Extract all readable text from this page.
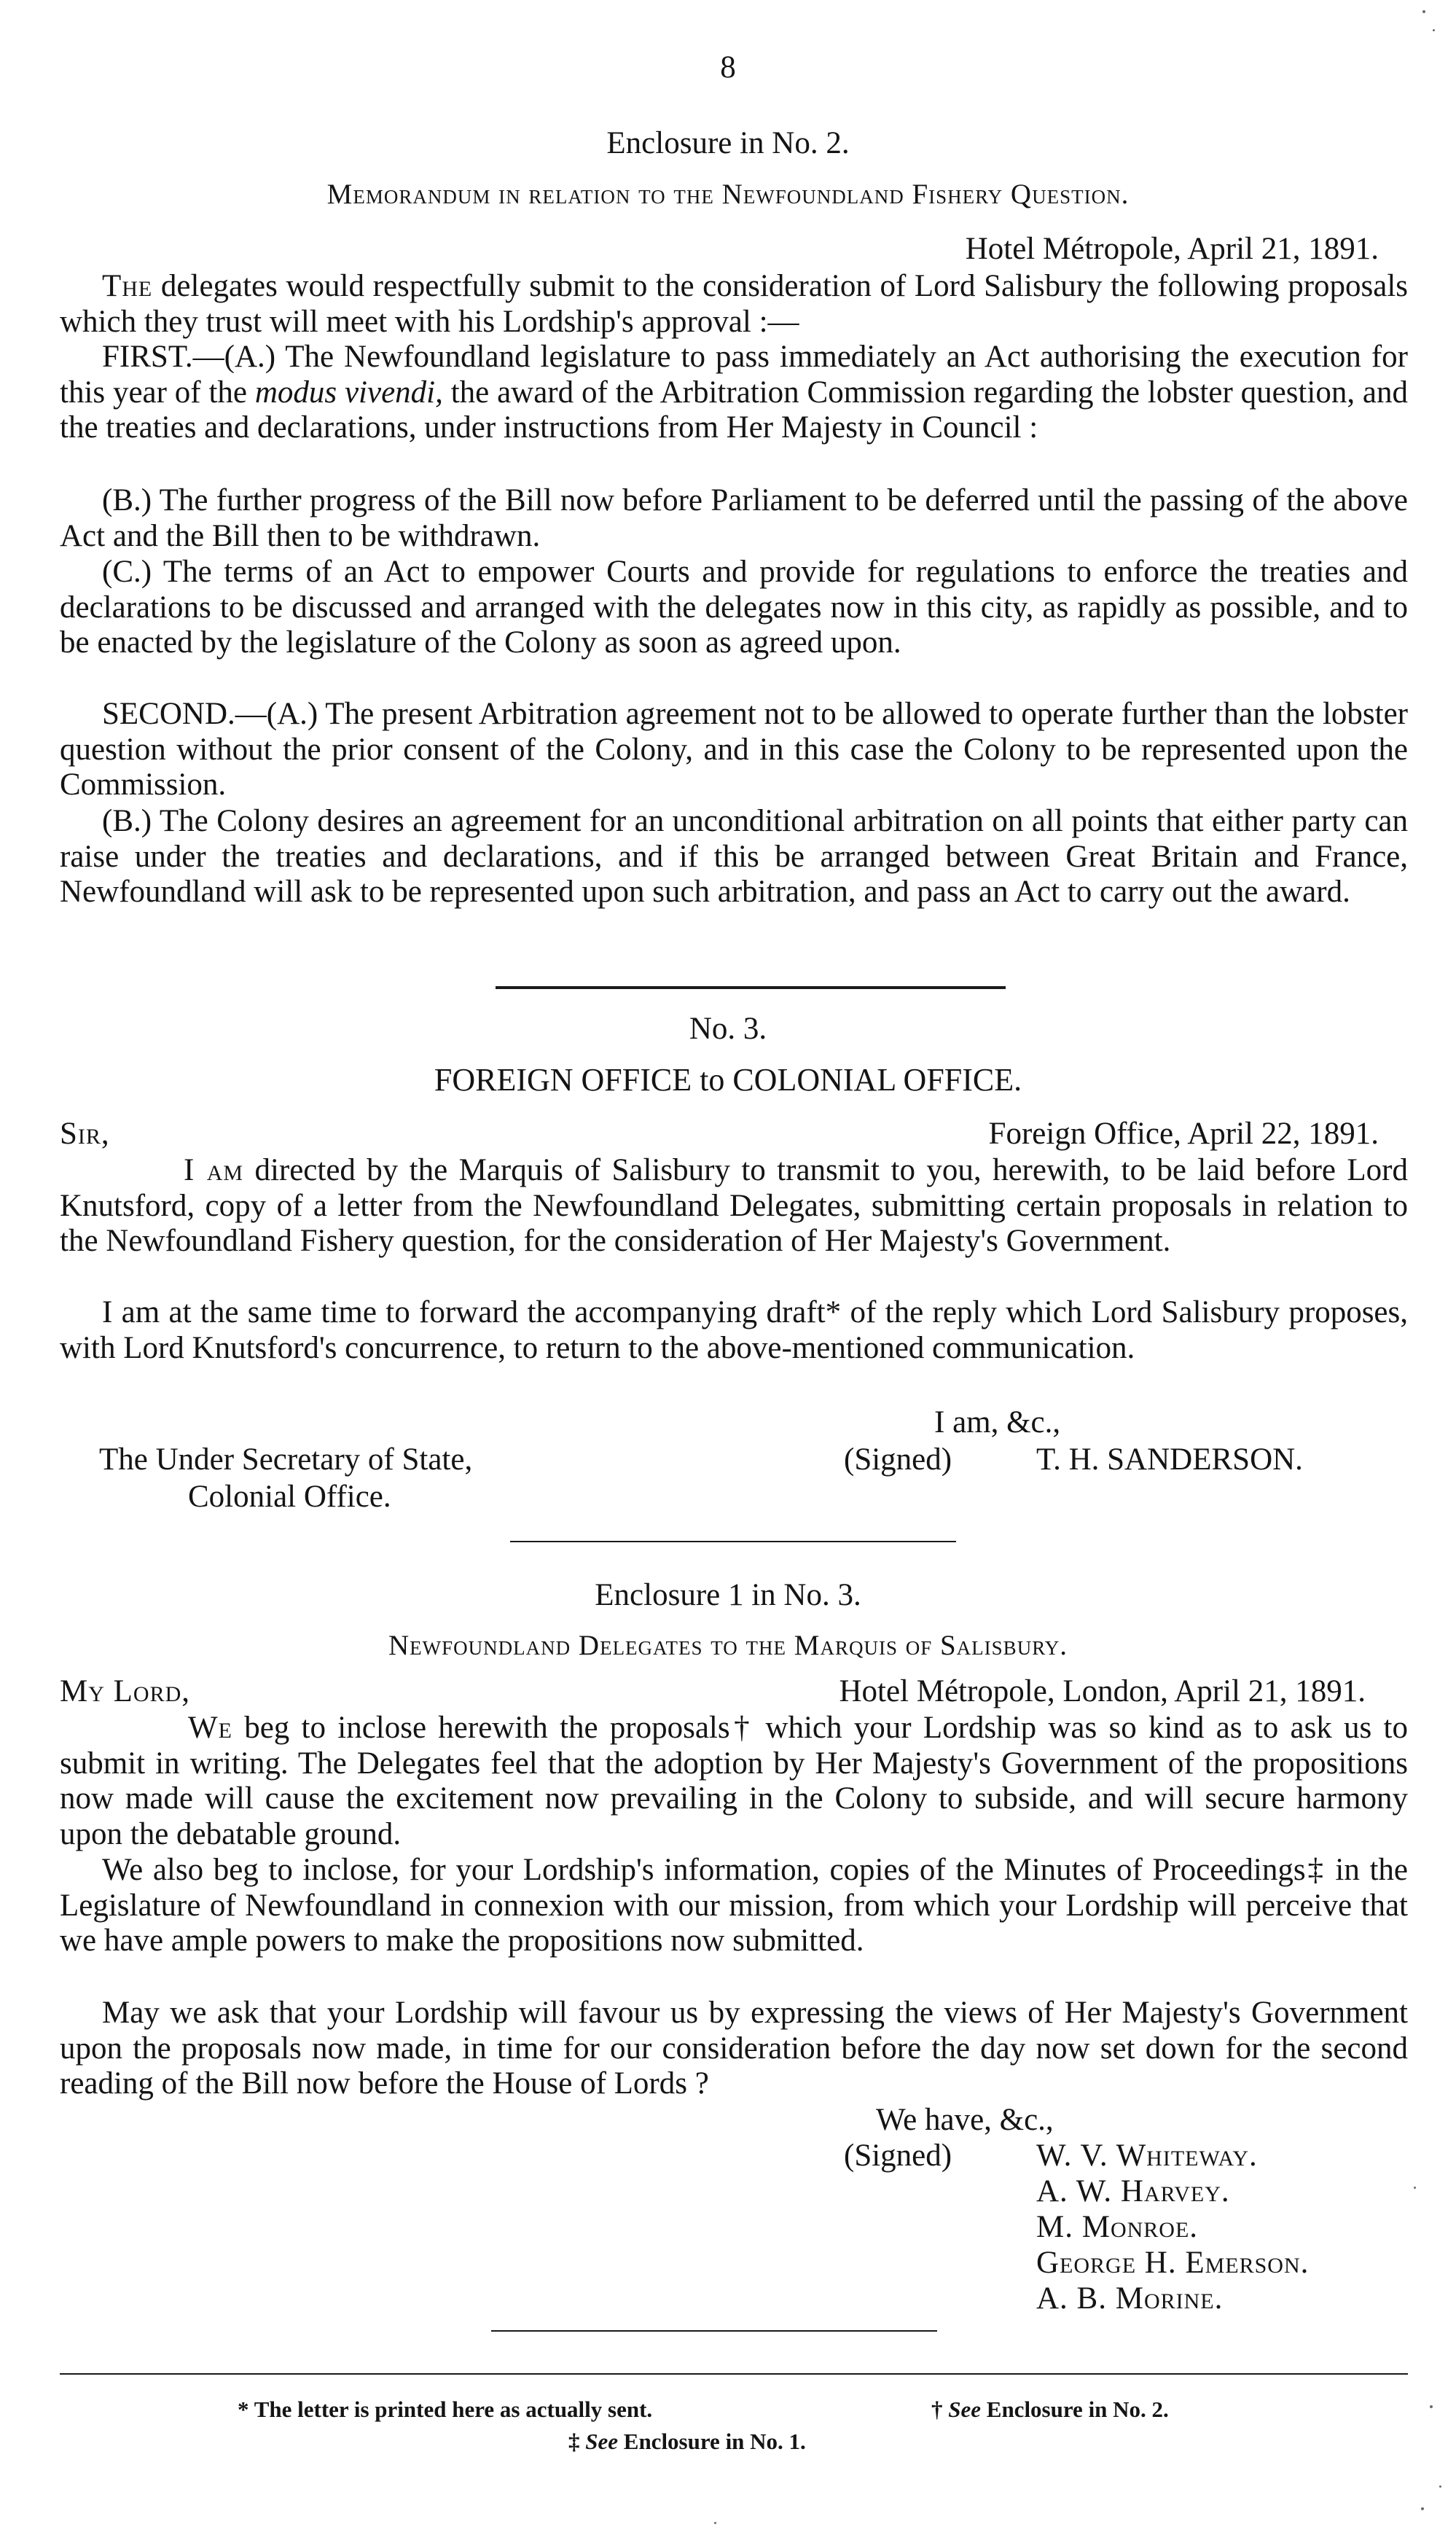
8
Enclosure in No. 2.
Memorandum in relation to the Newfoundland Fishery Question.
Hotel Métropole, April 21, 1891.
The delegates would respectfully submit to the consideration of Lord Salisbury the following proposals which they trust will meet with his Lordship's approval :—
FIRST.—(A.) The Newfoundland legislature to pass immediately an Act authorising the execution for this year of the modus vivendi, the award of the Arbitration Commission regarding the lobster question, and the treaties and declarations, under instructions from Her Majesty in Council :
(B.) The further progress of the Bill now before Parliament to be deferred until the passing of the above Act and the Bill then to be withdrawn.
(C.) The terms of an Act to empower Courts and provide for regulations to enforce the treaties and declarations to be discussed and arranged with the delegates now in this city, as rapidly as possible, and to be enacted by the legislature of the Colony as soon as agreed upon.
SECOND.—(A.) The present Arbitration agreement not to be allowed to operate further than the lobster question without the prior consent of the Colony, and in this case the Colony to be represented upon the Commission.
(B.) The Colony desires an agreement for an unconditional arbitration on all points that either party can raise under the treaties and declarations, and if this be arranged between Great Britain and France, Newfoundland will ask to be represented upon such arbitration, and pass an Act to carry out the award.
No. 3.
FOREIGN OFFICE to COLONIAL OFFICE.
Sir,	Foreign Office, April 22, 1891.
I am directed by the Marquis of Salisbury to transmit to you, herewith, to be laid before Lord Knutsford, copy of a letter from the Newfoundland Delegates, submitting certain proposals in relation to the Newfoundland Fishery question, for the consideration of Her Majesty's Government.
I am at the same time to forward the accompanying draft* of the reply which Lord Salisbury proposes, with Lord Knutsford's concurrence, to return to the above-mentioned communication.
I am, &c.,
The Under Secretary of State,
Colonial Office.
(Signed)	T. H. SANDERSON.
Enclosure 1 in No. 3.
Newfoundland Delegates to the Marquis of Salisbury.
My Lord,	Hotel Métropole, London, April 21, 1891.
We beg to inclose herewith the proposals† which your Lordship was so kind as to ask us to submit in writing. The Delegates feel that the adoption by Her Majesty's Government of the propositions now made will cause the excitement now prevailing in the Colony to subside, and will secure harmony upon the debatable ground.
We also beg to inclose, for your Lordship's information, copies of the Minutes of Proceedings‡ in the Legislature of Newfoundland in connexion with our mission, from which your Lordship will perceive that we have ample powers to make the propositions now submitted.
May we ask that your Lordship will favour us by expressing the views of Her Majesty's Government upon the proposals now made, in time for our consideration before the day now set down for the second reading of the Bill now before the House of Lords ?
We have, &c.,
(Signed)	W. V. Whiteway.
A. W. Harvey.
M. Monroe.
George H. Emerson.
A. B. Morine.
* The letter is printed here as actually sent.	† See Enclosure in No. 2.
‡ See Enclosure in No. 1.
